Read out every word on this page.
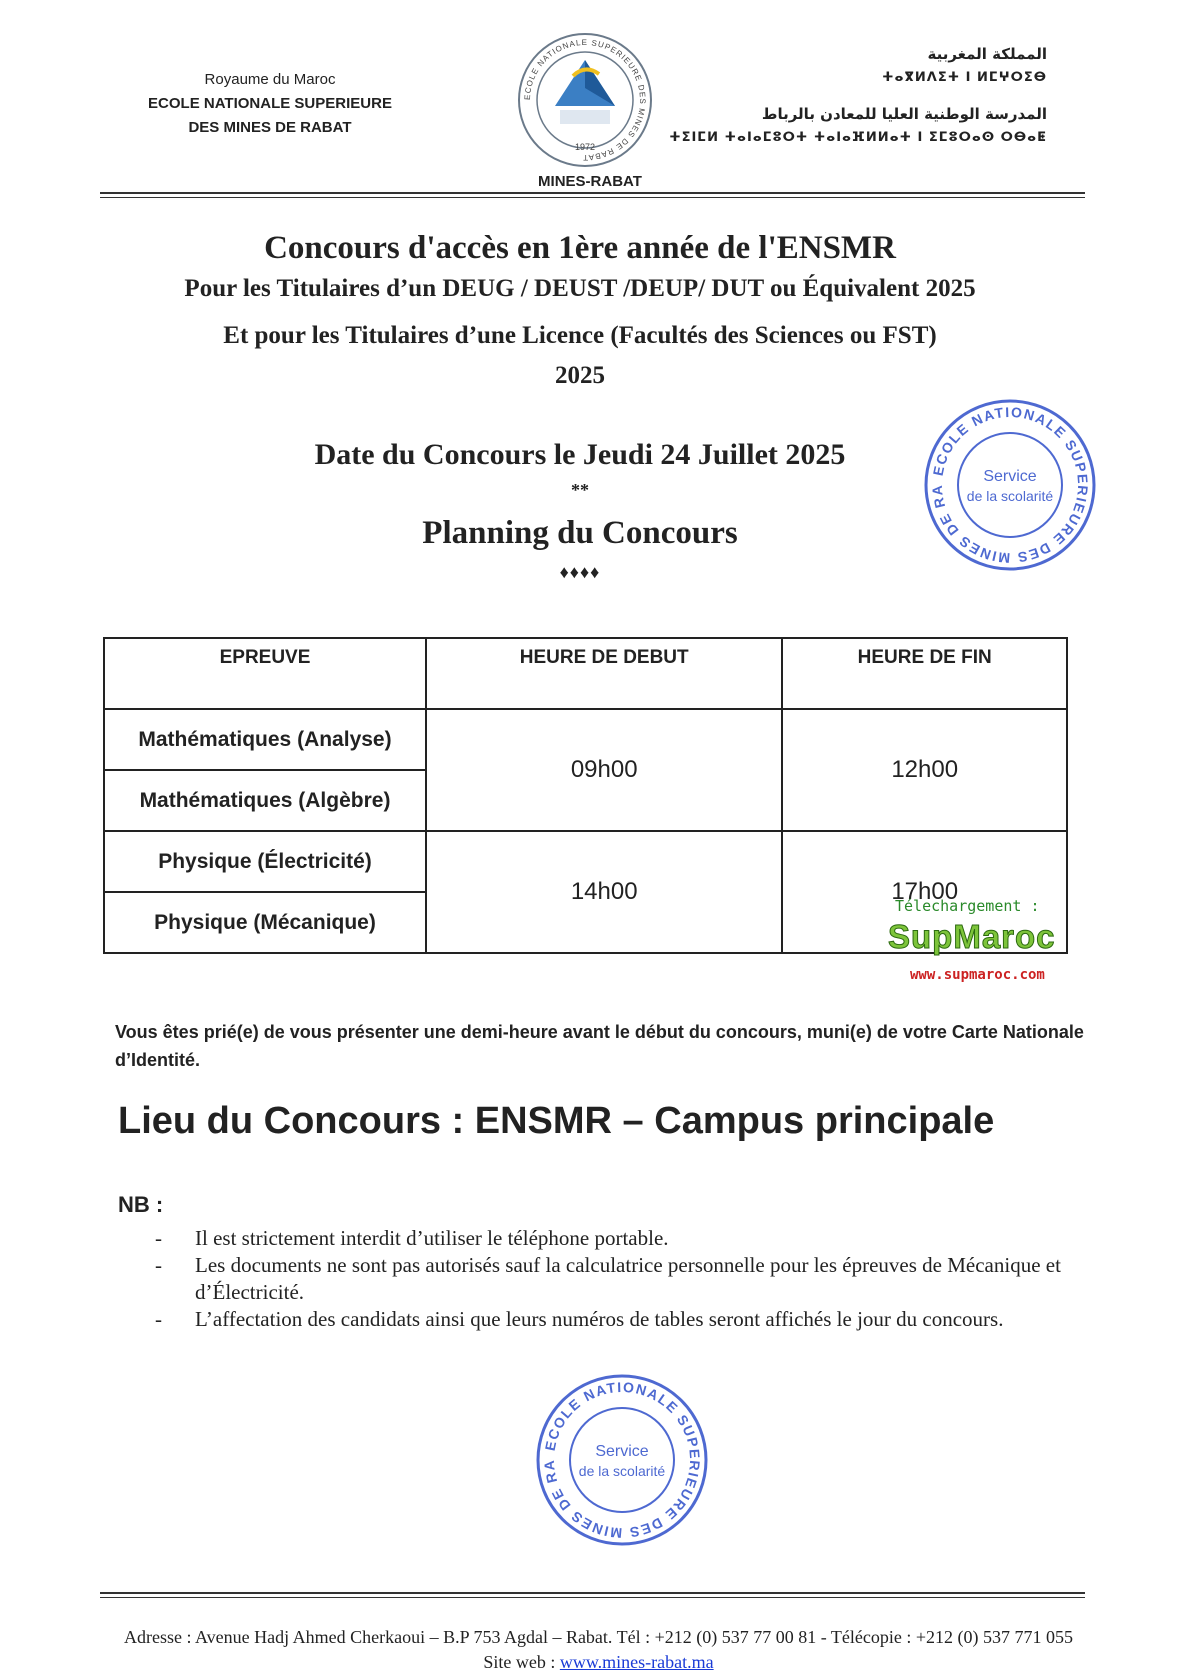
Royaume du Maroc
ECOLE NATIONALE SUPERIEURE
DES MINES DE RABAT
ECOLE NATIONALE SUPERIEURE DES MINES DE RABAT
1972
MINES-RABAT
المملكة المغربية
ⵜⴰⴳⵍⴷⵉⵜ ⵏ ⵍⵎⵖⵔⵉⴱ
المدرسة الوطنية العليا للمعادن بالرباط
ⵜⵉⵏⵎⵍ ⵜⴰⵏⴰⵎⵓⵔⵜ ⵜⴰⵏⴰⴼⵍⵍⴰⵜ ⵏ ⵉⵎⵓⵔⴰⵙ ⵔⴱⴰⵟ
Concours d'accès en 1ère année de l'ENSMR
Pour les Titulaires d’un DEUG / DEUST /DEUP/ DUT ou Équivalent 2025
Et pour les Titulaires d’une Licence (Facultés des Sciences ou FST)
2025
Date du Concours le Jeudi 24 Juillet 2025
**
Planning du Concours
♦♦♦♦
ECOLE NATIONALE SUPERIEURE DES MINES DE RA
Service
de la scolarité
EPREUVE	HEURE DE DEBUT	HEURE DE FIN
Mathématiques (Analyse)	09h00	12h00
Mathématiques (Algèbre)		
Physique (Électricité)	14h00	17h00
Physique (Mécanique)		
Télechargement :
SupMaroc
www.supmaroc.com
Vous êtes prié(e) de vous présenter une demi-heure avant le début du concours, muni(e) de votre Carte Nationale d’Identité.
Lieu du Concours : ENSMR – Campus principale
NB :
- Il est strictement interdit d’utiliser le téléphone portable.
- Les documents ne sont pas autorisés sauf la calculatrice personnelle pour les épreuves de Mécanique et d’Électricité.
- L’affectation des candidats ainsi que leurs numéros de tables seront affichés le jour du concours.
ECOLE NATIONALE SUPERIEURE DES MINES DE RA
Service
de la scolarité
Adresse : Avenue Hadj Ahmed Cherkaoui – B.P 753 Agdal – Rabat. Tél : +212 (0) 537 77 00 81 - Télécopie : +212 (0) 537 771 055
Site web : www.mines-rabat.ma
